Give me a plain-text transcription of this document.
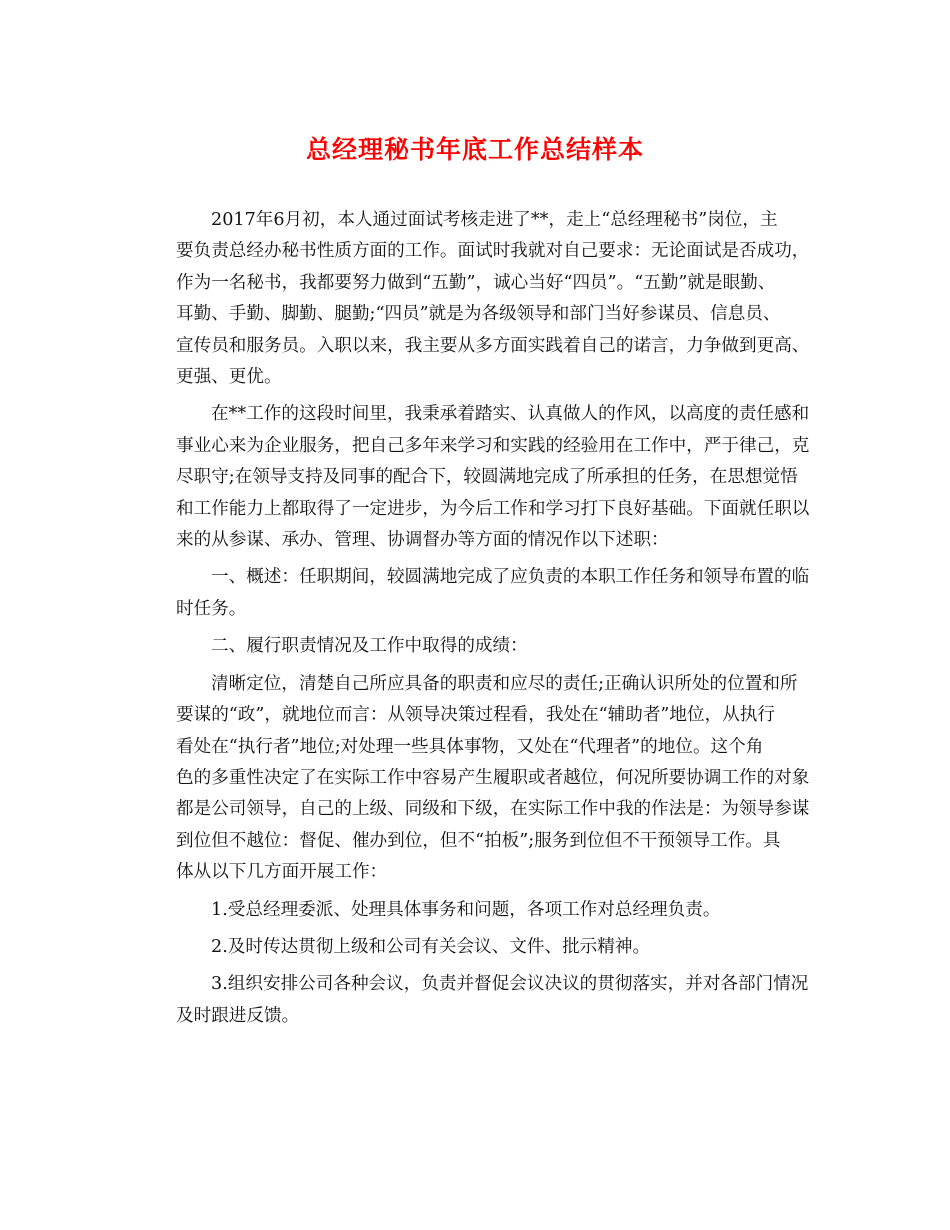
总经理秘书年底工作总结样本
2017年6月初，本人通过面试考核走进了**，走上“总经理秘书”岗位，主
要负责总经办秘书性质方面的工作。面试时我就对自己要求：无论面试是否成功，
作为一名秘书，我都要努力做到“五勤”，诚心当好“四员”。“五勤”就是眼勤、
耳勤、手勤、脚勤、腿勤;“四员”就是为各级领导和部门当好参谋员、信息员、
宣传员和服务员。入职以来，我主要从多方面实践着自己的诺言，力争做到更高、
更强、更优。
在**工作的这段时间里，我秉承着踏实、认真做人的作风，以高度的责任感和
事业心来为企业服务，把自己多年来学习和实践的经验用在工作中，严于律己，克
尽职守;在领导支持及同事的配合下，较圆满地完成了所承担的任务，在思想觉悟
和工作能力上都取得了一定进步，为今后工作和学习打下良好基础。下面就任职以
来的从参谋、承办、管理、协调督办等方面的情况作以下述职：
一、概述：任职期间，较圆满地完成了应负责的本职工作任务和领导布置的临
时任务。
二、履行职责情况及工作中取得的成绩：
清晰定位，清楚自己所应具备的职责和应尽的责任;正确认识所处的位置和所
要谋的“政”，就地位而言：从领导决策过程看，我处在“辅助者”地位，从执行
看处在“执行者”地位;对处理一些具体事物，又处在“代理者”的地位。这个角
色的多重性决定了在实际工作中容易产生履职或者越位，何况所要协调工作的对象
都是公司领导，自己的上级、同级和下级，在实际工作中我的作法是：为领导参谋
到位但不越位：督促、催办到位，但不“拍板”;服务到位但不干预领导工作。具
体从以下几方面开展工作：
1.受总经理委派、处理具体事务和问题，各项工作对总经理负责。
2.及时传达贯彻上级和公司有关会议、文件、批示精神。
3.组织安排公司各种会议，负责并督促会议决议的贯彻落实，并对各部门情况
及时跟进反馈。
